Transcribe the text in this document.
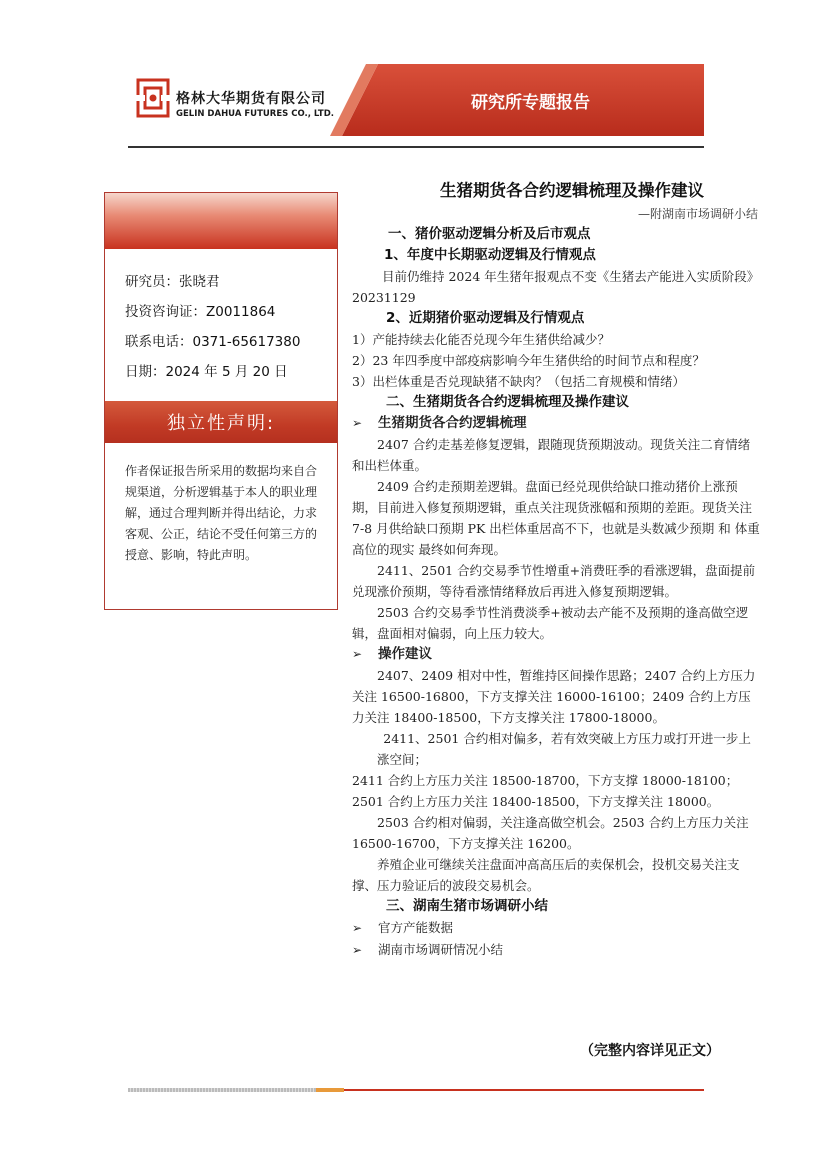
格林大华期货有限公司
GELIN DAHUA FUTURES CO., LTD.
研究所专题报告
研究员：张晓君
投资咨询证：Z0011864
联系电话：0371-65617380
日期：2024 年 5 月 20 日
独立性声明:
作者保证报告所采用的数据均来自合规渠道，分析逻辑基于本人的职业理解，通过合理判断并得出结论，力求客观、公正，结论不受任何第三方的授意、影响，特此声明。
生猪期货各合约逻辑梳理及操作建议
—附湖南市场调研小结
一、猪价驱动逻辑分析及后市观点
1、年度中长期驱动逻辑及行情观点
目前仍维持 2024 年生猪年报观点不变《生猪去产能进入实质阶段》20231129
2、近期猪价驱动逻辑及行情观点
1）产能持续去化能否兑现今年生猪供给减少？
2）23 年四季度中部疫病影响今年生猪供给的时间节点和程度？
3）出栏体重是否兑现缺猪不缺肉？（包括二育规模和情绪）
二、生猪期货各合约逻辑梳理及操作建议
➢	生猪期货各合约逻辑梳理
2407 合约走基差修复逻辑，跟随现货预期波动。现货关注二育情绪和出栏体重。
2409 合约走预期差逻辑。盘面已经兑现供给缺口推动猪价上涨预期，目前进入修复预期逻辑，重点关注现货涨幅和预期的差距。现货关注 7-8 月供给缺口预期 PK 出栏体重居高不下，也就是头数减少预期 和 体重高位的现实 最终如何奔现。
2411、2501 合约交易季节性增重+消费旺季的看涨逻辑，盘面提前兑现涨价预期，等待看涨情绪释放后再进入修复预期逻辑。
2503 合约交易季节性消费淡季+被动去产能不及预期的逢高做空逻辑，盘面相对偏弱，向上压力较大。
➢	操作建议
2407、2409 相对中性，暂维持区间操作思路；2407 合约上方压力关注 16500-16800，下方支撑关注 16000-16100；2409 合约上方压力关注 18400-18500，下方支撑关注 17800-18000。
2411、2501 合约相对偏多，若有效突破上方压力或打开进一步上涨空间；
2411 合约上方压力关注 18500-18700，下方支撑 18000-18100；
2501 合约上方压力关注 18400-18500，下方支撑关注 18000。
2503 合约相对偏弱，关注逢高做空机会。2503 合约上方压力关注 16500-16700，下方支撑关注 16200。
养殖企业可继续关注盘面冲高高压后的卖保机会，投机交易关注支撑、压力验证后的波段交易机会。
三、湖南生猪市场调研小结
➢	官方产能数据
➢	湖南市场调研情况小结
（完整内容详见正文）
